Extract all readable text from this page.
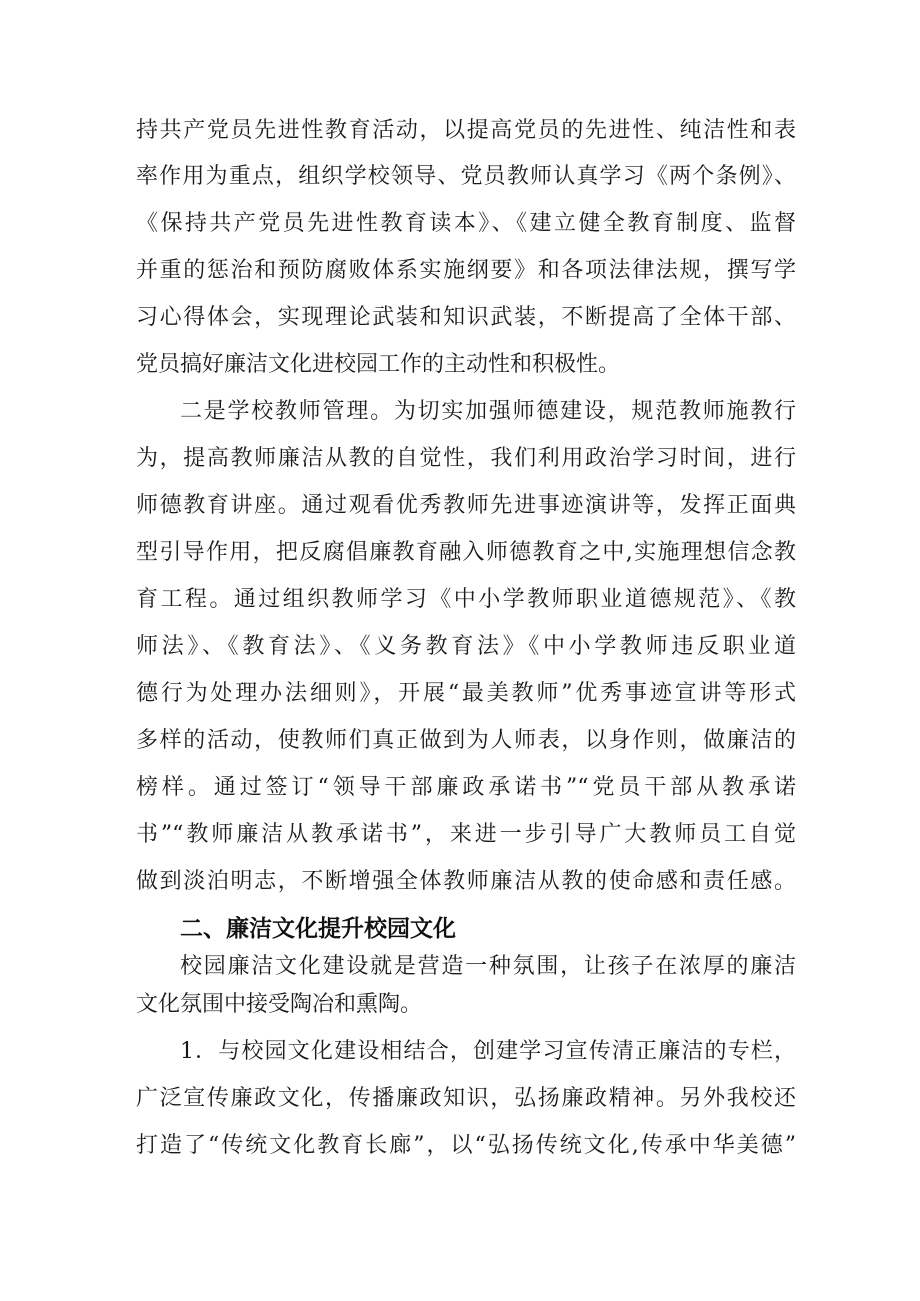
持共产党员先进性教育活动，以提高党员的先进性、纯洁性和表
率作用为重点，组织学校领导、党员教师认真学习《两个条例》、
《保持共产党员先进性教育读本》、《建立健全教育制度、监督
并重的惩治和预防腐败体系实施纲要》和各项法律法规，撰写学
习心得体会，实现理论武装和知识武装，不断提高了全体干部、
党员搞好廉洁文化进校园工作的主动性和积极性。
二是学校教师管理。为切实加强师德建设，规范教师施教行
为，提高教师廉洁从教的自觉性，我们利用政治学习时间，进行
师德教育讲座。通过观看优秀教师先进事迹演讲等，发挥正面典
型引导作用，把反腐倡廉教育融入师德教育之中,实施理想信念教
育工程。通过组织教师学习《中小学教师职业道德规范》、《教
师法》、《教育法》、《义务教育法》《中小学教师违反职业道
德行为处理办法细则》，开展“最美教师”优秀事迹宣讲等形式
多样的活动，使教师们真正做到为人师表，以身作则，做廉洁的
榜样。通过签订“领导干部廉政承诺书”“党员干部从教承诺
书”“教师廉洁从教承诺书”，来进一步引导广大教师员工自觉
做到淡泊明志，不断增强全体教师廉洁从教的使命感和责任感。
二、廉洁文化提升校园文化
校园廉洁文化建设就是营造一种氛围，让孩子在浓厚的廉洁
文化氛围中接受陶冶和熏陶。
1．与校园文化建设相结合，创建学习宣传清正廉洁的专栏，
广泛宣传廉政文化，传播廉政知识，弘扬廉政精神。另外我校还
打造了“传统文化教育长廊”，以“弘扬传统文化,传承中华美德”
